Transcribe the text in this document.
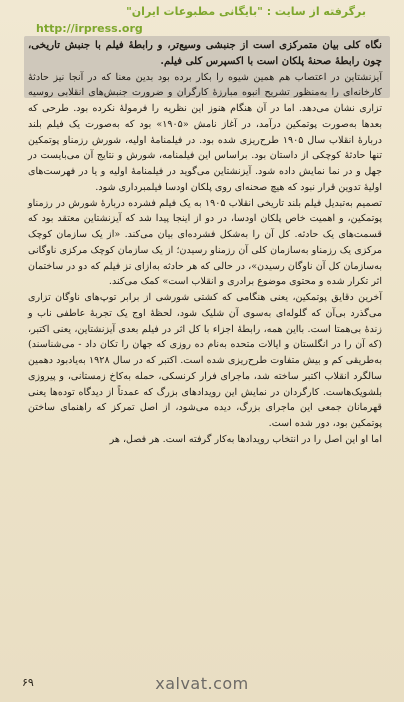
برگرفته از سایت : "بایگانی مطبوعات ایران"
http://irpress.org

نگاه کلی بیان متمرکزی است از جنبشی وسیع‌تر، و رابطهٔ فیلم با جنبش تاریخی، چون رابطهٔ صحنهٔ پلکان است با اکسپرس کلی فیلم.

آیزنشتاین در اعتصاب هم همین شیوه را بکار برده بود بدین معنا که در آنجا نیز حادثهٔ کارخانه‌ای را به‌منظور تشریح انبوه مبارزهٔ کارگران و ضرورت جنبش‌های انقلابی روسیه تزاری نشان می‌دهد. اما در آن هنگام هنوز این نظریه را فرمولهٔ نکرده بود. طرحی که بعدها به‌صورت پوتمکین درآمد، در آغاز نامش «۱۹۰۵» بود که به‌صورت یک فیلم بلند دربارهٔ انقلاب سال ۱۹۰۵ طرح‌ریزی شده بود. در فیلمنامهٔ اولیه، شورش رزمناو پوتمکین تنها حادثهٔ کوچکی از داستان بود. براساس این فیلمنامه، شورش و نتایج آن می‌بایست در جهل و در نما نمایش داده شود. آیزنشتاین می‌گوید در فیلمنامهٔ اولیه و یا در فهرست‌های اولیهٔ تدوین قرار نبود که هیچ صحنه‌ای روی پلکان اودسا فیلمبرداری شود.

تصمیم به‌تبدیل فیلم بلند تاریخی انقلاب ۱۹۰۵ به یک فیلم فشرده دربارهٔ شورش در رزمناو پوتمکین، و اهمیت خاص پلکان اودسا، در دو از اینجا پیدا شد که آیزنشتاین معتقد بود که قسمت‌های یک حادثه. کل آن را به‌شکل فشرده‌ای بیان می‌کند. «از یک سازمان کوچک مرکزی یک رزمناو به‌سازمان کلی آن رزمناو رسیدن؛ از یک سازمان کوچک مرکزی ناوگانی به‌سازمان کل آن ناوگان رسیدن»، در حالی که هر حادثه به‌ازای نز فیلم که دو در ساختمان اثر تکرار شده و محتوی موضوع برادری و انقلاب است» کمک می‌کند.

آخرین دقایق پوتمکین، یعنی هنگامی که کشتی شورشی از برابر توپ‌های ناوگان تزاری می‌گذرد بی‌آن که گلوله‌ای به‌سوی آن شلیک شود، لحظهٔ اوج یک تجربهٔ عاطفی ناب و زندهٔ بی‌همتا است. بااین همه، رابطهٔ اجزاء با کل اثر در فیلم بعدی آیزنشتاین، یعنی اکتبر، (که آن را در انگلستان و ایالات متحده به‌نام ده روزی که جهان را تکان داد - می‌شناسند) به‌طریقی کم و بیش متفاوت طرح‌ریزی شده است. اکتبر که در سال ۱۹۲۸ به‌یادبود دهمین سالگرد انقلاب اکتبر ساخته شد، ماجرای فرار کرنسکی، حمله به‌کاخ زمستانی، و پیروزی بلشویک‌هاست. کارگردان در نمایش این رویدادهای بزرگ که عمدتاً از دیدگاه توده‌ها یعنی قهرمانان جمعی این ماجرای بزرگ، دیده می‌شود، از اصل تمرکز که راهنمای ساختن پوتمکین بود، دور شده است.

اما او این اصل را در انتخاب رویدادها به‌کار گرفته است. هر فصل، هر

۶۹	xalvat.com
